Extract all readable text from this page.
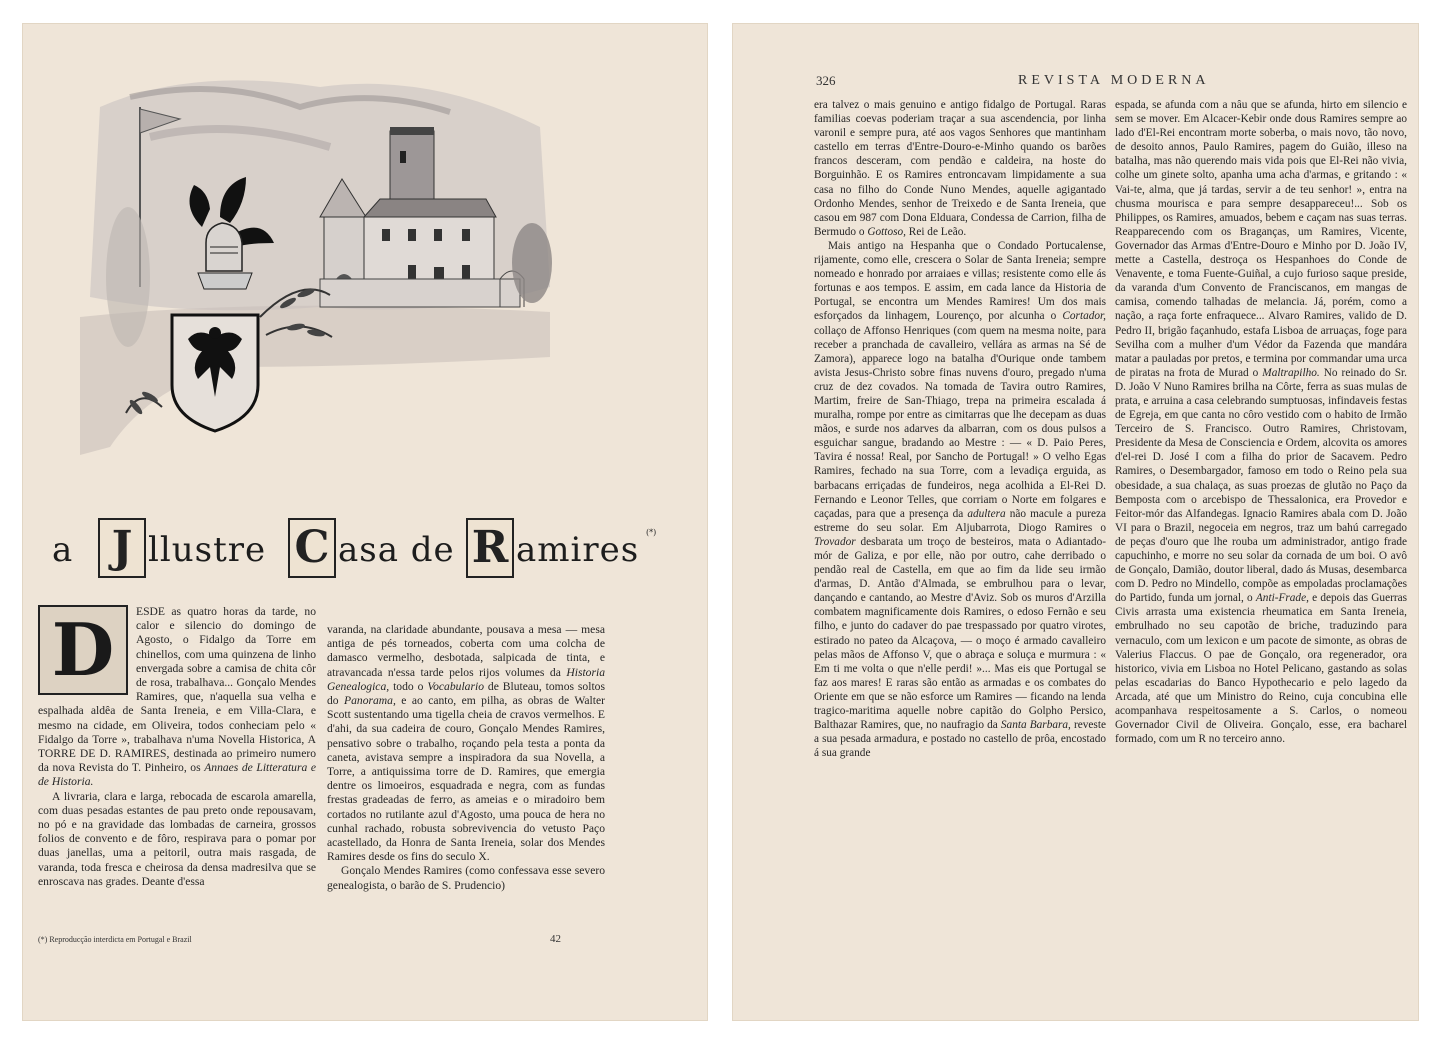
a J llustre C asa de R amires (*)
D	ESDE as quatro horas da tarde, no calor e silencio do domingo de Agosto, o Fidalgo da Torre em chinellos, com uma quinzena de linho envergada sobre a camisa de chita côr de rosa, trabalhava... Gonçalo Mendes Ramires, que, n'aquella sua velha e espalhada aldêa de Santa Ireneia, e em Villa-Clara, e mesmo na cidade, em Oliveira, todos conheciam pelo « Fidalgo da Torre », trabalhava n'uma Novella Historica, A TORRE DE D. RAMIRES, destinada ao primeiro numero da nova Revista do T. Pinheiro, os Annaes de Litteratura e de Historia.

A livraria, clara e larga, rebocada de escarola amarella, com duas pesadas estantes de pau preto onde repousavam, no pó e na gravidade das lombadas de carneira, grossos folios de convento e de fôro, respirava para o pomar por duas janellas, uma a peitoril, outra mais rasgada, de varanda, toda fresca e cheirosa da densa madresilva que se enroscava nas grades. Deante d'essa

varanda, na claridade abundante, pousava a mesa — mesa antiga de pés torneados, coberta com uma colcha de damasco vermelho, desbotada, salpicada de tinta, e atravancada n'essa tarde pelos rijos volumes da Historia Genealogica, todo o Vocabulario de Bluteau, tomos soltos do Panorama, e ao canto, em pilha, as obras de Walter Scott sustentando uma tigella cheia de cravos vermelhos. E d'ahi, da sua cadeira de couro, Gonçalo Mendes Ramires, pensativo sobre o trabalho, roçando pela testa a ponta da caneta, avistava sempre a inspiradora da sua Novella, a Torre, a antiquissima torre de D. Ramires, que emergia dentre os limoeiros, esquadrada e negra, com as fundas frestas gradeadas de ferro, as ameias e o miradoiro bem cortados no rutilante azul d'Agosto, uma pouca de hera no cunhal rachado, robusta sobrevivencia do vetusto Paço acastellado, da Honra de Santa Ireneia, solar dos Mendes Ramires desde os fins do seculo X.

Gonçalo Mendes Ramires (como confessava esse severo genealogista, o barão de S. Prudencio)

(*) Reproducção interdicta em Portugal e Brazil	42
326	REVISTA MODERNA

era talvez o mais genuino e antigo fidalgo de Portugal. Raras familias coevas poderiam traçar a sua ascendencia, por linha varonil e sempre pura, até aos vagos Senhores que mantinham castello em terras d'Entre-Douro-e-Minho quando os barões francos desceram, com pendão e caldeira, na hoste do Borguinhão. E os Ramires entroncavam limpidamente a sua casa no filho do Conde Nuno Mendes, aquelle agigantado Ordonho Mendes, senhor de Treixedo e de Santa Ireneia, que casou em 987 com Dona Elduara, Condessa de Carrion, filha de Bermudo o Gottoso, Rei de Leão.

Mais antigo na Hespanha que o Condado Portucalense, rijamente, como elle, crescera o Solar de Santa Ireneia; sempre nomeado e honrado por arraiaes e villas; resistente como elle ás fortunas e aos tempos. E assim, em cada lance da Historia de Portugal, se encontra um Mendes Ramires! Um dos mais esforçados da linhagem, Lourenço, por alcunha o Cortador, collaço de Affonso Henriques (com quem na mesma noite, para receber a pranchada de cavalleiro, vellára as armas na Sé de Zamora), apparece logo na batalha d'Ourique onde tambem avista Jesus-Christo sobre finas nuvens d'ouro, pregado n'uma cruz de dez covados. Na tomada de Tavira outro Ramires, Martim, freire de San-Thiago, trepa na primeira escalada á muralha, rompe por entre as cimitarras que lhe decepam as duas mãos, e surde nos adarves da albarran, com os dous pulsos a esguichar sangue, bradando ao Mestre : — « D. Paio Peres, Tavira é nossa! Real, por Sancho de Portugal! » O velho Egas Ramires, fechado na sua Torre, com a levadiça erguida, as barbacans erriçadas de fundeiros, nega acolhida a El-Rei D. Fernando e Leonor Telles, que corriam o Norte em folgares e caçadas, para que a presença da adultera não macule a pureza estreme do seu solar. Em Aljubarrota, Diogo Ramires o Trovador desbarata um troço de besteiros, mata o Adiantado-mór de Galiza, e por elle, não por outro, cahe derribado o pendão real de Castella, em que ao fim da lide seu irmão d'armas, D. Antão d'Almada, se embrulhou para o levar, dançando e cantando, ao Mestre d'Aviz. Sob os muros d'Arzilla combatem magnificamente dois Ramires, o edoso Fernão e seu filho, e junto do cadaver do pae trespassado por quatro virotes, estirado no pateo da Alcaçova, — o moço é armado cavalleiro pelas mãos de Affonso V, que o abraça e soluça e murmura : « Em ti me volta o que n'elle perdi! »... Mas eis que Portugal se faz aos mares! E raras são então as armadas e os combates do Oriente em que se não esforce um Ramires — ficando na lenda tragico-maritima aquelle nobre capitão do Golpho Persico, Balthazar Ramires, que, no naufragio da Santa Barbara, reveste a sua pesada armadura, e postado no castello de prôa, encostado á sua grande

espada, se afunda com a nâu que se afunda, hirto em silencio e sem se mover. Em Alcacer-Kebir onde dous Ramires sempre ao lado d'El-Rei encontram morte soberba, o mais novo, tão novo, de desoito annos, Paulo Ramires, pagem do Guião, illeso na batalha, mas não querendo mais vida pois que El-Rei não vivia, colhe um ginete solto, apanha uma acha d'armas, e gritando : « Vai-te, alma, que já tardas, servir a de teu senhor! », entra na chusma mourisca e para sempre desappareceu!... Sob os Philippes, os Ramires, amuados, bebem e caçam nas suas terras. Reapparecendo com os Braganças, um Ramires, Vicente, Governador das Armas d'Entre-Douro e Minho por D. João IV, mette a Castella, destroça os Hespanhoes do Conde de Venavente, e toma Fuente-Guiñal, a cujo furioso saque preside, da varanda d'um Convento de Franciscanos, em mangas de camisa, comendo talhadas de melancia. Já, porém, como a nação, a raça forte enfraquece... Alvaro Ramires, valido de D. Pedro II, brigão façanhudo, estafa Lisboa de arruaças, foge para Sevilha com a mulher d'um Védor da Fazenda que mandára matar a pauladas por pretos, e termina por commandar uma urca de piratas na frota de Murad o Maltrapilho. No reinado do Sr. D. João V Nuno Ramires brilha na Côrte, ferra as suas mulas de prata, e arruina a casa celebrando sumptuosas, infindaveis festas de Egreja, em que canta no côro vestido com o habito de Irmão Terceiro de S. Francisco. Outro Ramires, Christovam, Presidente da Mesa de Consciencia e Ordem, alcovita os amores d'el-rei D. José I com a filha do prior de Sacavem. Pedro Ramires, o Desembargador, famoso em todo o Reino pela sua obesidade, a sua chalaça, as suas proezas de glutão no Paço da Bemposta com o arcebispo de Thessalonica, era Provedor e Feitor-mór das Alfandegas. Ignacio Ramires abala com D. João VI para o Brazil, negoceia em negros, traz um bahú carregado de peças d'ouro que lhe rouba um administrador, antigo frade capuchinho, e morre no seu solar da cornada de um boi. O avô de Gonçalo, Damião, doutor liberal, dado ás Musas, desembarca com D. Pedro no Mindello, compõe as empoladas proclamações do Partido, funda um jornal, o Anti-Frade, e depois das Guerras Civis arrasta uma existencia rheumatica em Santa Ireneia, embrulhado no seu capotão de briche, traduzindo para vernaculo, com um lexicon e um pacote de simonte, as obras de Valerius Flaccus. O pae de Gonçalo, ora regenerador, ora historico, vivia em Lisboa no Hotel Pelicano, gastando as solas pelas escadarias do Banco Hypothecario e pelo lagedo da Arcada, até que um Ministro do Reino, cuja concubina elle acompanhava respeitosamente a S. Carlos, o nomeou Governador Civil de Oliveira. Gonçalo, esse, era bacharel formado, com um R no terceiro anno.
